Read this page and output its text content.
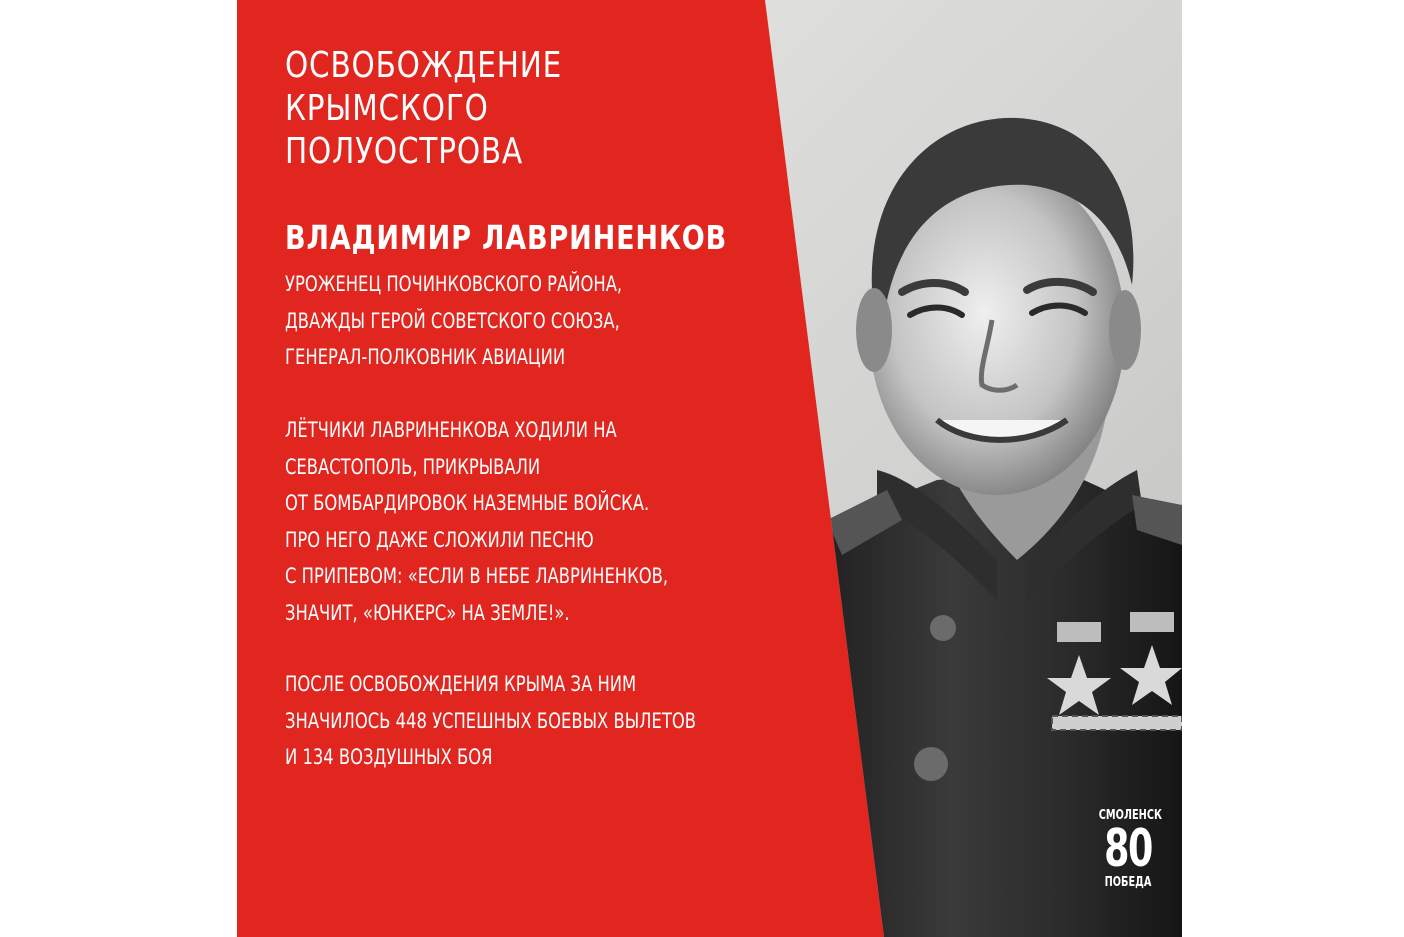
ОСВОБОЖДЕНИЕ
КРЫМСКОГО
ПОЛУОСТРОВА
ВЛАДИМИР ЛАВРИНЕНКОВ

УРОЖЕНЕЦ ПОЧИНКОВСКОГО РАЙОНА,
ДВАЖДЫ ГЕРОЙ СОВЕТСКОГО СОЮЗА,
ГЕНЕРАЛ-ПОЛКОВНИК АВИАЦИИ

ЛЁТЧИКИ ЛАВРИНЕНКОВА ХОДИЛИ НА
СЕВАСТОПОЛЬ, ПРИКРЫВАЛИ
ОТ БОМБАРДИРОВОК НАЗЕМНЫЕ ВОЙСКА.
ПРО НЕГО ДАЖЕ СЛОЖИЛИ ПЕСНЮ
С ПРИПЕВОМ: «ЕСЛИ В НЕБЕ ЛАВРИНЕНКОВ,
ЗНАЧИТ, «ЮНКЕРС» НА ЗЕМЛЕ!».

ПОСЛЕ ОСВОБОЖДЕНИЯ КРЫМА ЗА НИМ
ЗНАЧИЛОСЬ 448 УСПЕШНЫХ БОЕВЫХ ВЫЛЕТОВ
И 134 ВОЗДУШНЫХ БОЯ

СМОЛЕНСК
80
ПОБЕДА
